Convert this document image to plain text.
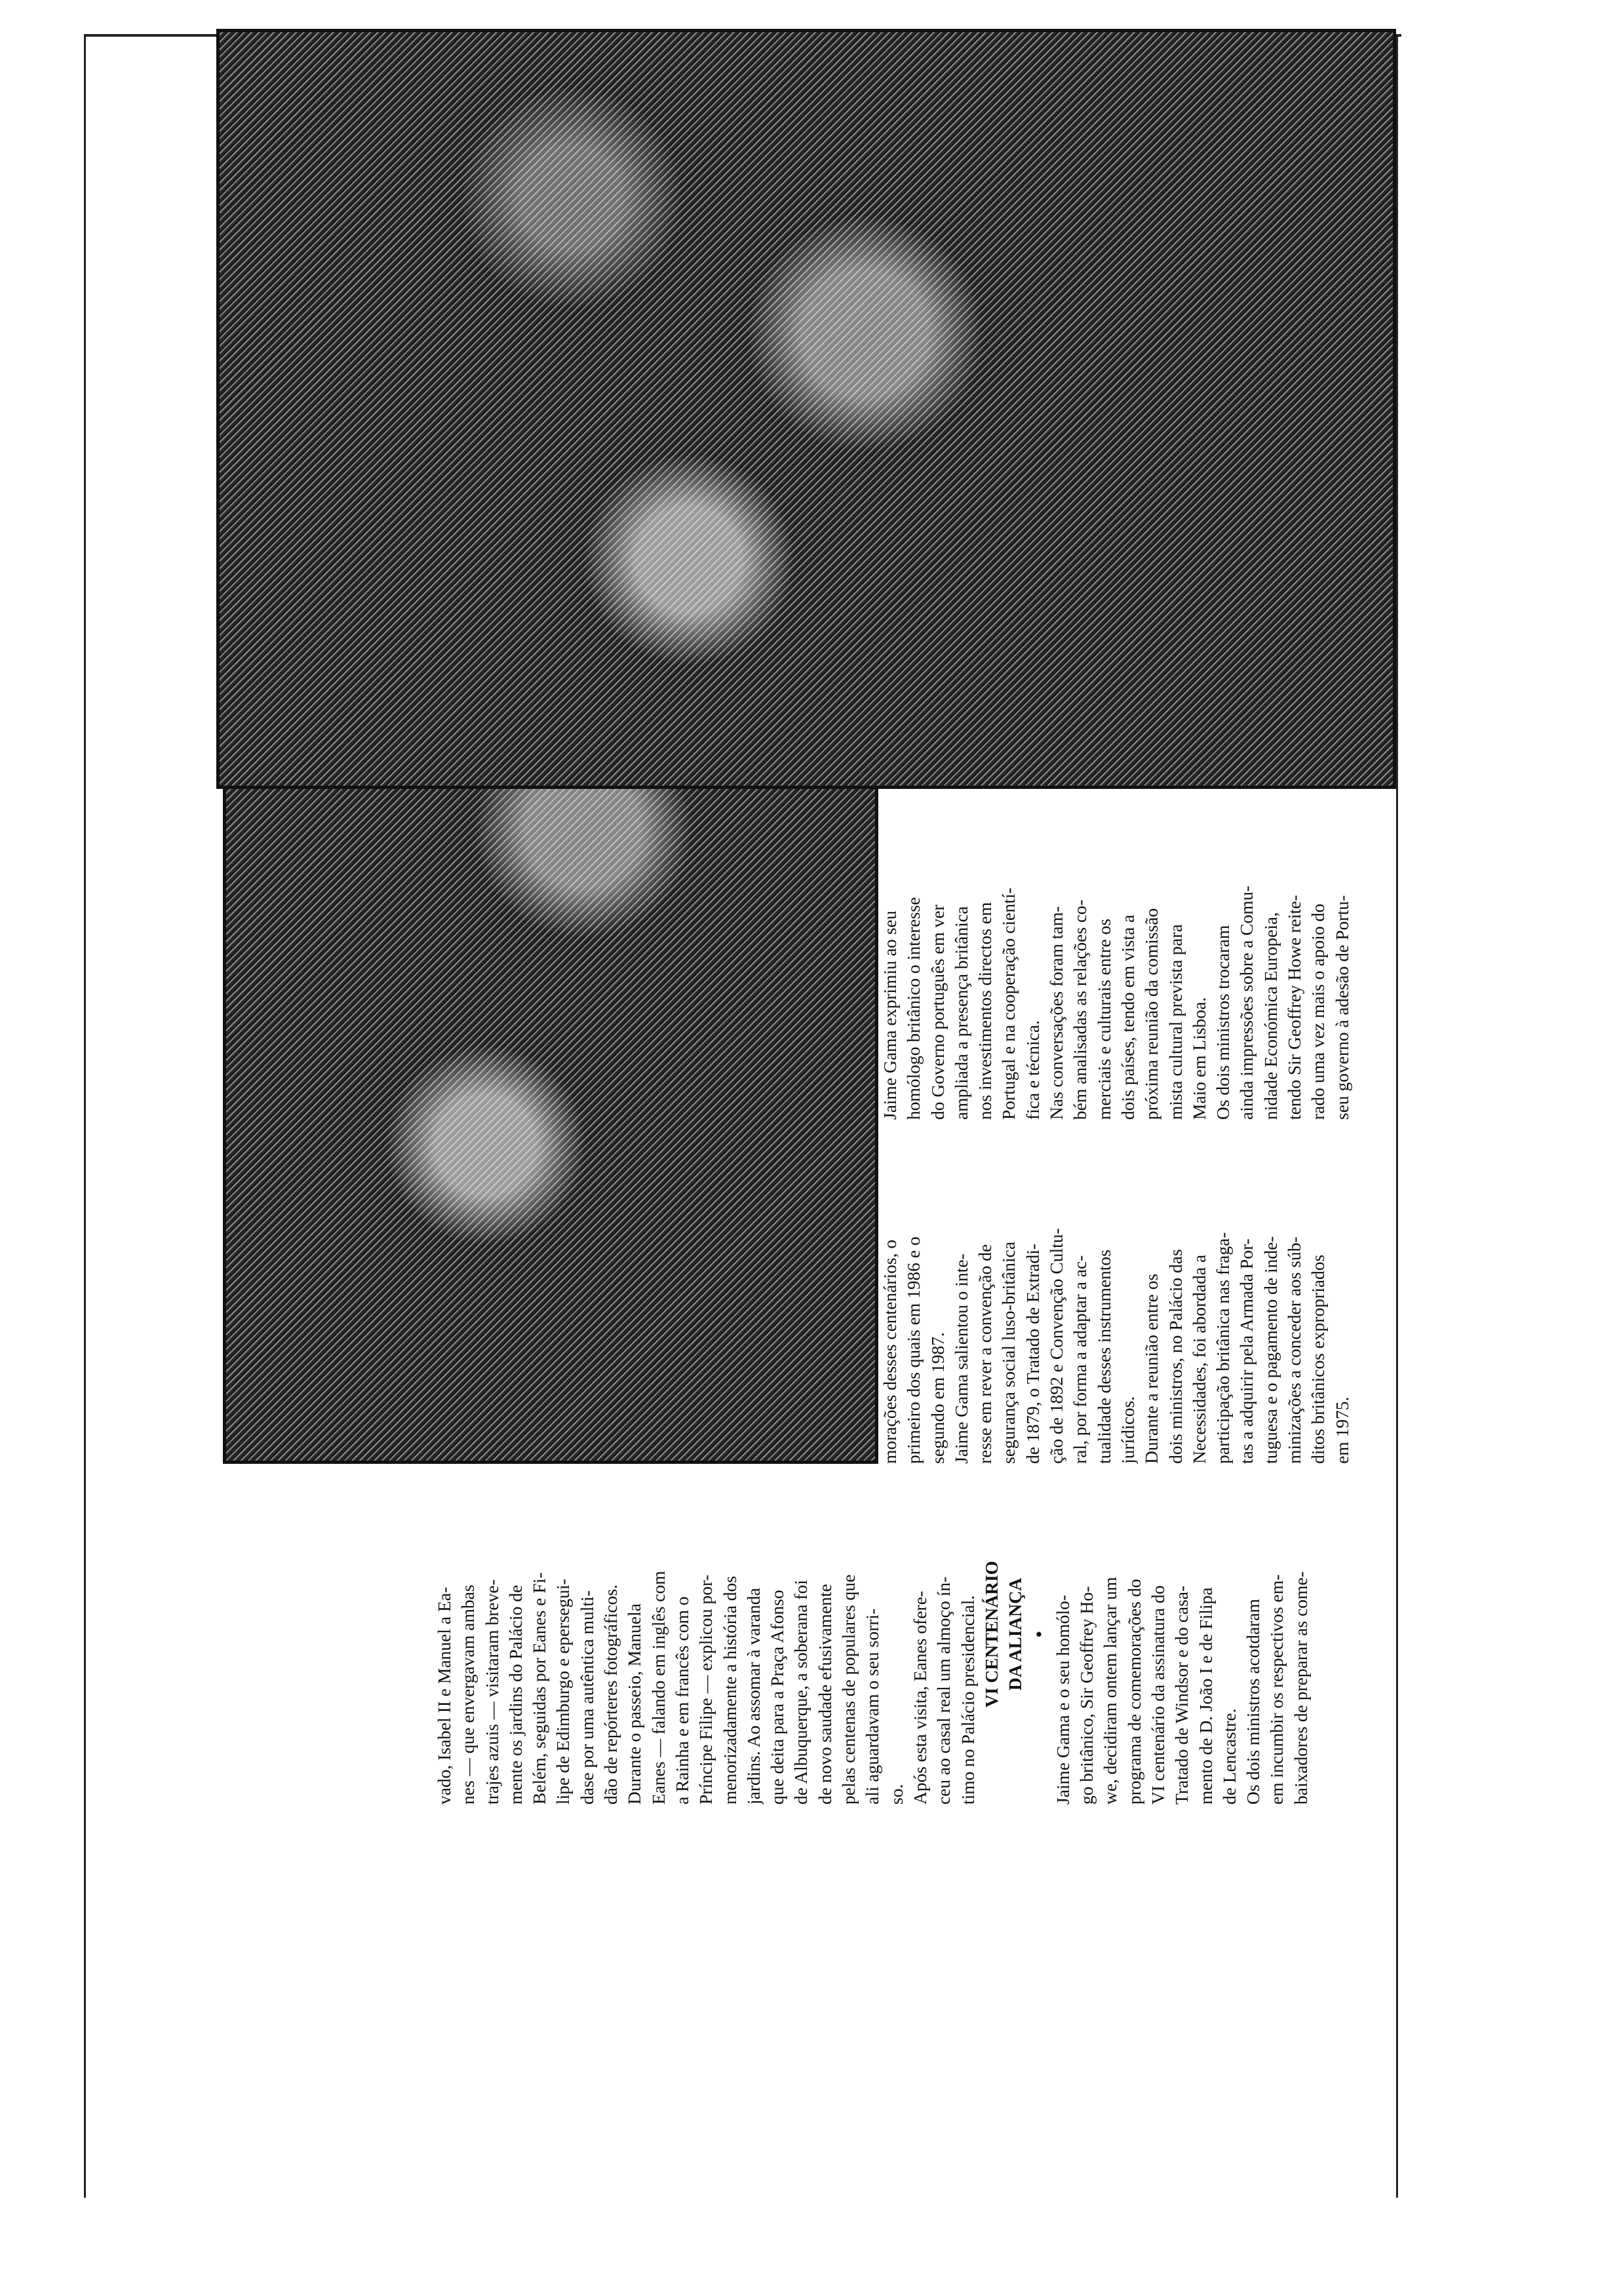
vado, Isabel II e Manuel a Ea- nes — que envergavam ambas trajes azuis — visitaram breve- mente os jardins do Palácio de Belém, seguidas por Eanes e Fi- lipe de Edimburgo e epersegui- dase por uma autêntica multi- dão de repórteres fotográficos. Durante o passeio, Manuela Eanes — falando em inglês com a Rainha e em francês com o Príncipe Filipe — explicou por- menorizadamente a história dos jardins. Ao assomar à varanda que deita para a Praça Afonso de Albuquerque, a soberana foi de novo saudade efusivamente pelas centenas de populares que ali aguardavam o seu sorri- so. Após esta visita, Eanes ofere- ceu ao casal real um almoço ín- timo no Palácio presidencial. VI CENTENÁRIO DA ALIANÇA • Jaime Gama e o seu homólo- go britânico, Sir Geoffrey Ho- we, decidiram ontem lançar um programa de comemorações do VI centenário da assinatura do Tratado de Windsor e do casa- mento de D. João I e de Filipa de Lencastre. Os dois ministros acotdaram em incumbir os respectivos em- baixadores de preparar as come-
morações desses centenários, o primeiro dos quais em 1986 e o segundo em 1987. Jaime Gama salientou o inte- resse em rever a convenção de segurança social luso-britânica de 1879, o Tratado de Extradi- ção de 1892 e Convenção Cultu- ral, por forma a adaptar a ac- tualidade desses instrumentos jurídicos. Durante a reunião entre os dois ministros, no Palácio das Necessidades, foi abordada a participação britânica nas fraga- tas a adquirir pela Armada Por- tuguesa e o pagamento de inde- minizações a conceder aos súb- ditos britânicos expropriados em 1975.
Jaime Gama exprimiu ao seu homólogo britânico o interesse do Governo português em ver ampliada a presença britânica nos investimentos directos em Portugal e na cooperação cientí- fica e técnica. Nas conversações foram tam- bém analisadas as relações co- merciais e culturais entre os dois países, tendo em vista a próxima reunião da comissão mista cultural prevista para Maio em Lisboa. Os dois ministros trocaram ainda impressões sobre a Comu- nidade Económica Europeia, tendo Sir Geoffrey Howe reite- rado uma vez mais o apoio do seu governo à adesão de Portu-
